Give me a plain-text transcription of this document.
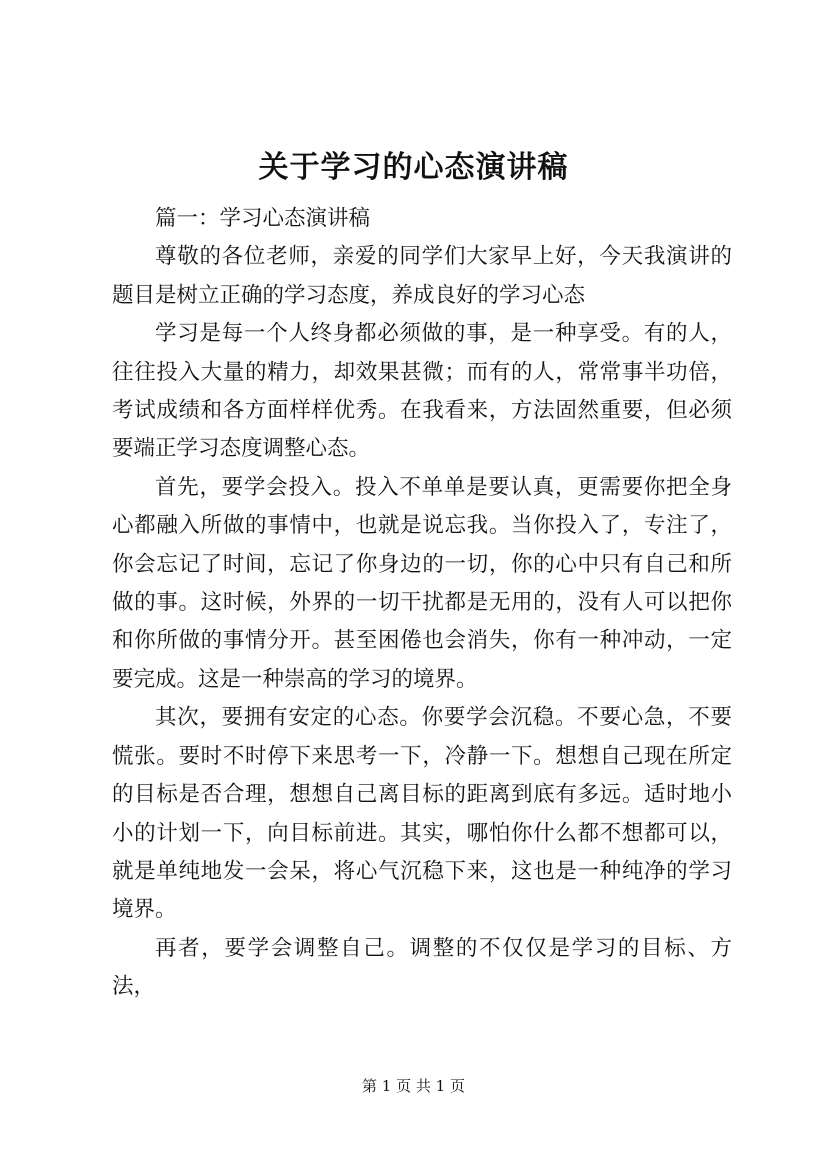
关于学习的心态演讲稿

篇一：学习心态演讲稿

尊敬的各位老师，亲爱的同学们大家早上好，今天我演讲的题目是树立正确的学习态度，养成良好的学习心态

学习是每一个人终身都必须做的事，是一种享受。有的人，往往投入大量的精力，却效果甚微；而有的人，常常事半功倍，考试成绩和各方面样样优秀。在我看来，方法固然重要，但必须要端正学习态度调整心态。

首先，要学会投入。投入不单单是要认真，更需要你把全身心都融入所做的事情中，也就是说忘我。当你投入了，专注了，你会忘记了时间，忘记了你身边的一切，你的心中只有自己和所做的事。这时候，外界的一切干扰都是无用的，没有人可以把你和你所做的事情分开。甚至困倦也会消失，你有一种冲动，一定要完成。这是一种崇高的学习的境界。

其次，要拥有安定的心态。你要学会沉稳。不要心急，不要慌张。要时不时停下来思考一下，冷静一下。想想自己现在所定的目标是否合理，想想自己离目标的距离到底有多远。适时地小小的计划一下，向目标前进。其实，哪怕你什么都不想都可以，就是单纯地发一会呆，将心气沉稳下来，这也是一种纯净的学习境界。

再者，要学会调整自己。调整的不仅仅是学习的目标、方法，

第 1 页 共 1 页
